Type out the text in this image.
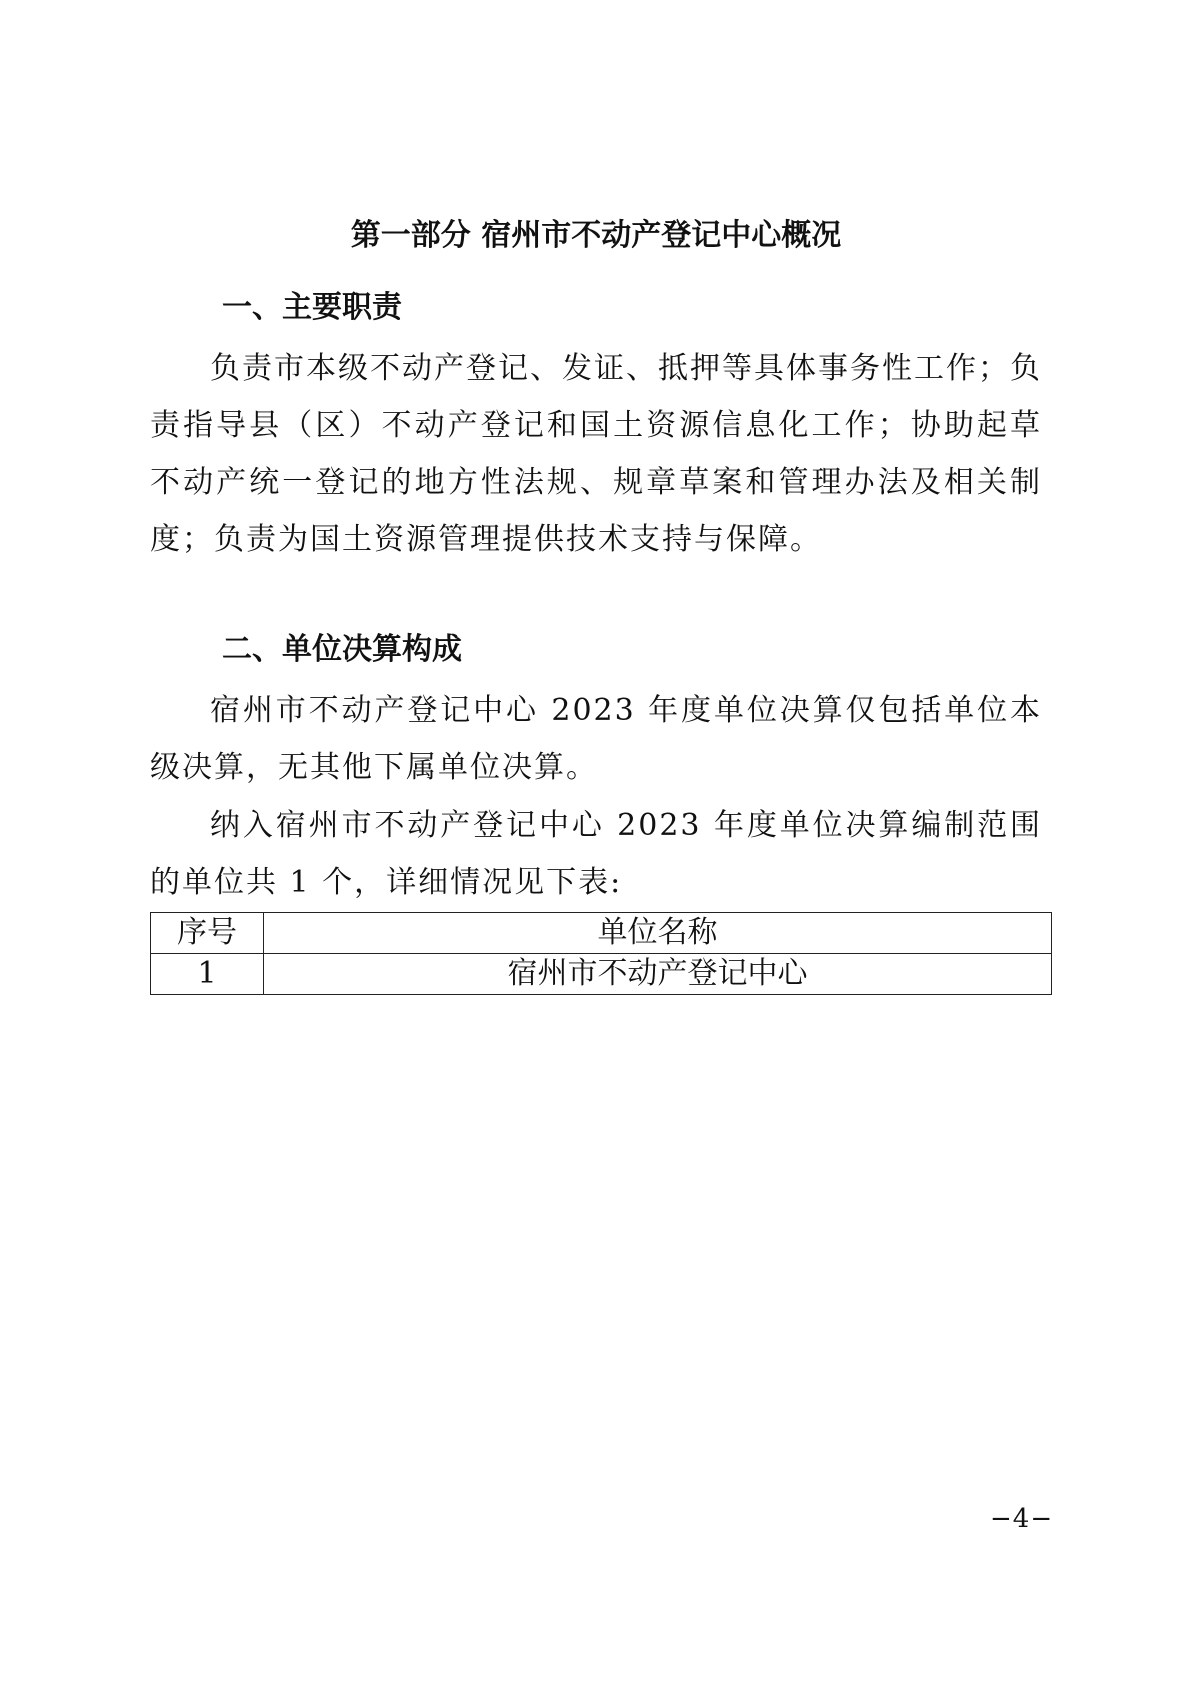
第一部分 宿州市不动产登记中心概况
一、主要职责

负责市本级不动产登记、发证、抵押等具体事务性工作；负责指导县（区）不动产登记和国土资源信息化工作；协助起草不动产统一登记的地方性法规、规章草案和管理办法及相关制度；负责为国土资源管理提供技术支持与保障。

二、单位决算构成

宿州市不动产登记中心 2023 年度单位决算仅包括单位本级决算，无其他下属单位决算。

纳入宿州市不动产登记中心 2023 年度单位决算编制范围的单位共 1 个，详细情况见下表:

序号	单位名称
1	宿州市不动产登记中心
−4−
